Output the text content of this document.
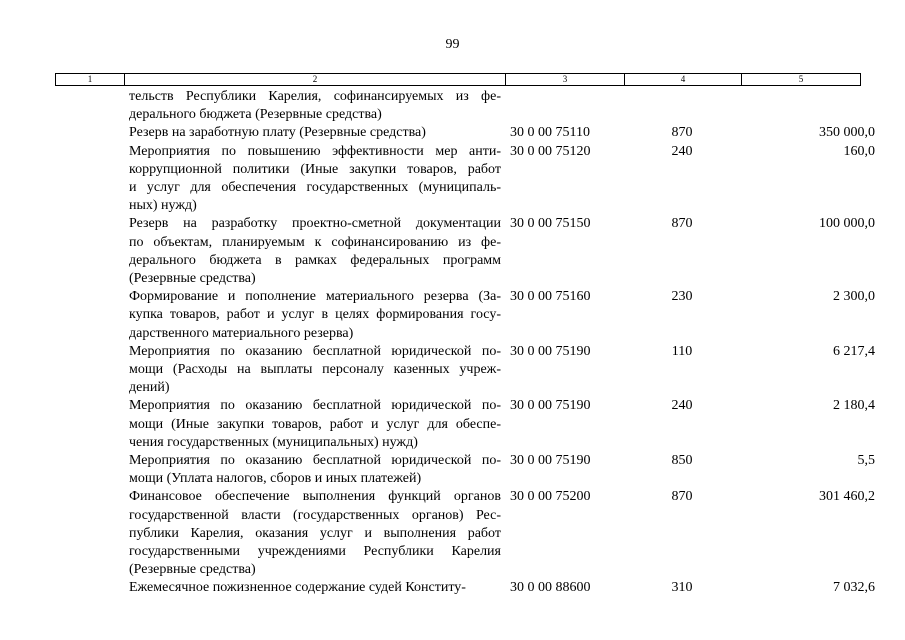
99
1	2	3	4	5
тельств Республики Карелия, софинансируемых из фе-
дерального бюджета (Резервные средства)
Резерв на заработную плату (Резервные средства)	30 0 00 75110	870	350 000,0
Мероприятия по повышению эффективности мер анти-
коррупционной политики (Иные закупки товаров, работ
и услуг для обеспечения государственных (муниципаль-
ных) нужд)
30 0 00 75120	240	160,0
Резерв на разработку проектно-сметной документации
по объектам, планируемым к софинансированию из фе-
дерального бюджета в рамках федеральных программ
(Резервные средства)
30 0 00 75150	870	100 000,0
Формирование и пополнение материального резерва (За-
купка товаров, работ и услуг в целях формирования госу-
дарственного материального резерва)
30 0 00 75160	230	2 300,0
Мероприятия по оказанию бесплатной юридической по-
мощи (Расходы на выплаты персоналу казенных учреж-
дений)
30 0 00 75190	110	6 217,4
Мероприятия по оказанию бесплатной юридической по-
мощи (Иные закупки товаров, работ и услуг для обеспе-
чения государственных (муниципальных) нужд)
30 0 00 75190	240	2 180,4
Мероприятия по оказанию бесплатной юридической по-
мощи (Уплата налогов, сборов и иных платежей)
30 0 00 75190	850	5,5
Финансовое обеспечение выполнения функций органов
государственной власти (государственных органов) Рес-
публики Карелия, оказания услуг и выполнения работ
государственными учреждениями Республики Карелия
(Резервные средства)
30 0 00 75200	870	301 460,2
Ежемесячное пожизненное содержание судей Конститу-	30 0 00 88600	310	7 032,6
